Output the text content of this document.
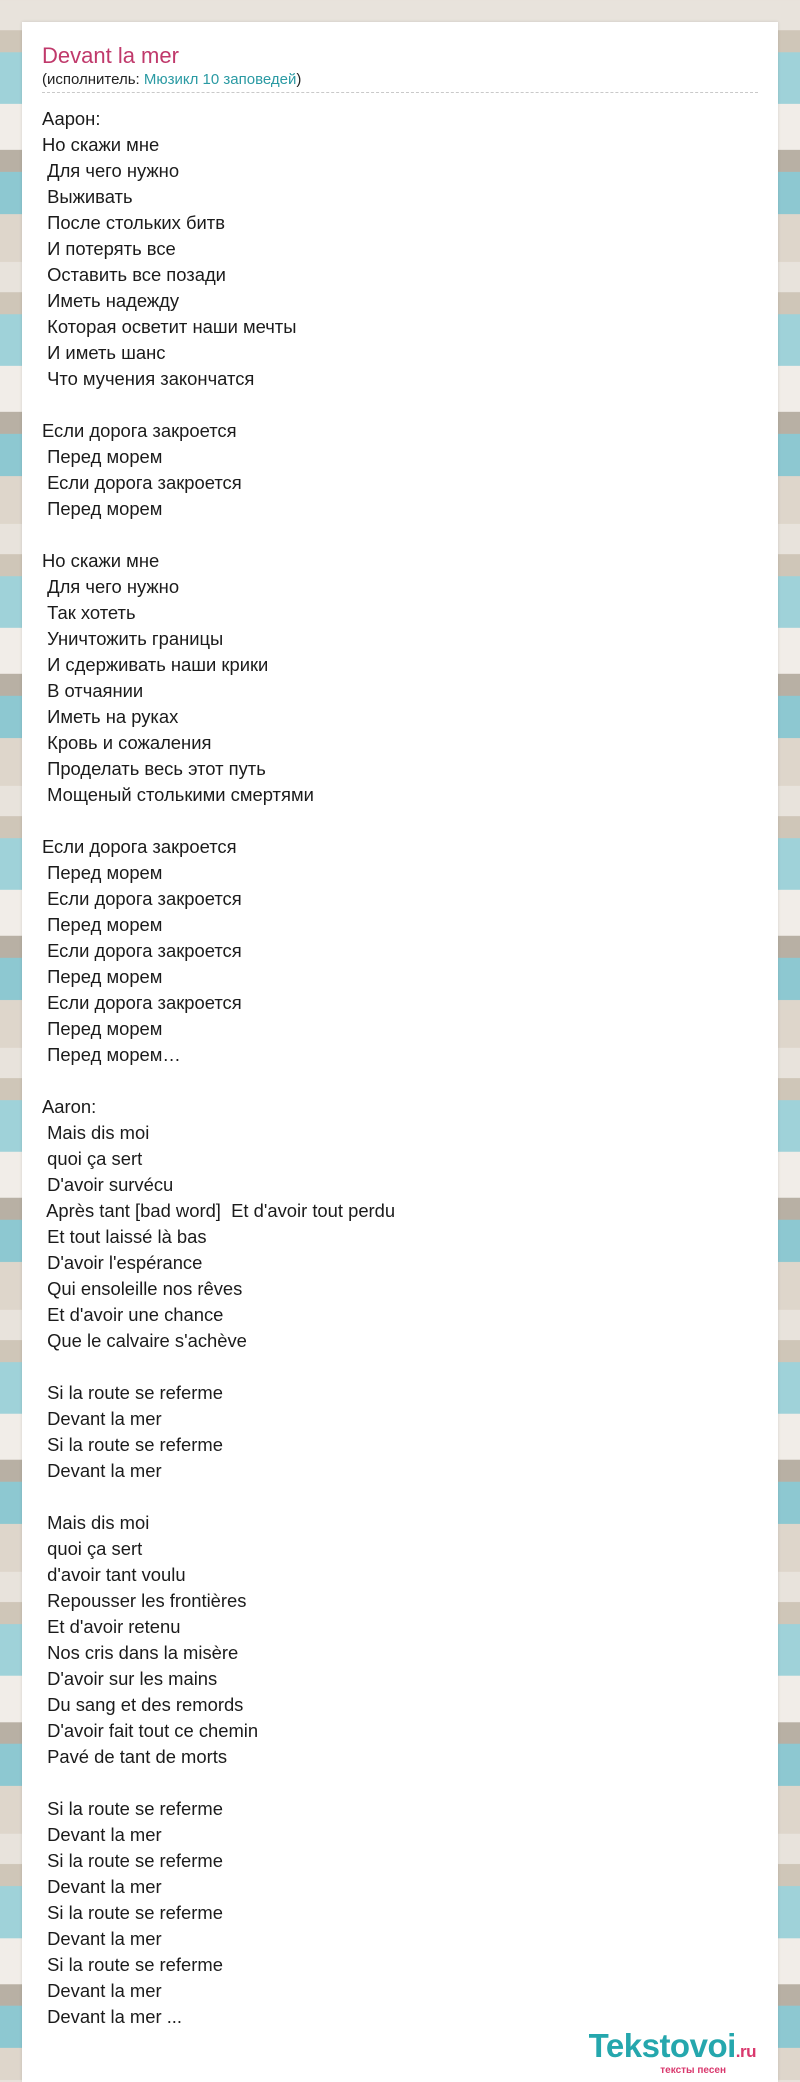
Devant la mer
(исполнитель: Мюзикл 10 заповедей)
Аарон:
Но скажи мне
Для чего нужно
Выживать
После стольких битв
И потерять все
Оставить все позади
Иметь надежду
Которая осветит наши мечты
И иметь шанс
Что мучения закончатся

Если дорога закроется
Перед морем
Если дорога закроется
Перед морем

Но скажи мне
Для чего нужно
Так хотеть
Уничтожить границы
И сдерживать наши крики
В отчаянии
Иметь на руках
Кровь и сожаления
Проделать весь этот путь
Мощеный столькими смертями

Если дорога закроется
Перед морем
Если дорога закроется
Перед морем
Если дорога закроется
Перед морем
Если дорога закроется
Перед морем
Перед морем…

Aaron:
Mais dis moi
quoi ça sert
D'avoir survécu
Après tant [bad word]  Et d'avoir tout perdu
Et tout laissé là bas
D'avoir l'espérance
Qui ensoleille nos rêves
Et d'avoir une chance
Que le calvaire s'achève

Si la route se referme
Devant la mer
Si la route se referme
Devant la mer

Mais dis moi
quoi ça sert
d'avoir tant voulu
Repousser les frontières
Et d'avoir retenu
Nos cris dans la misère
D'avoir sur les mains
Du sang et des remords
D'avoir fait tout ce chemin
Pavé de tant de morts

Si la route se referme
Devant la mer
Si la route se referme
Devant la mer
Si la route se referme
Devant la mer
Si la route se referme
Devant la mer
Devant la mer ...
Tekstovoi.ru
тексты песен
